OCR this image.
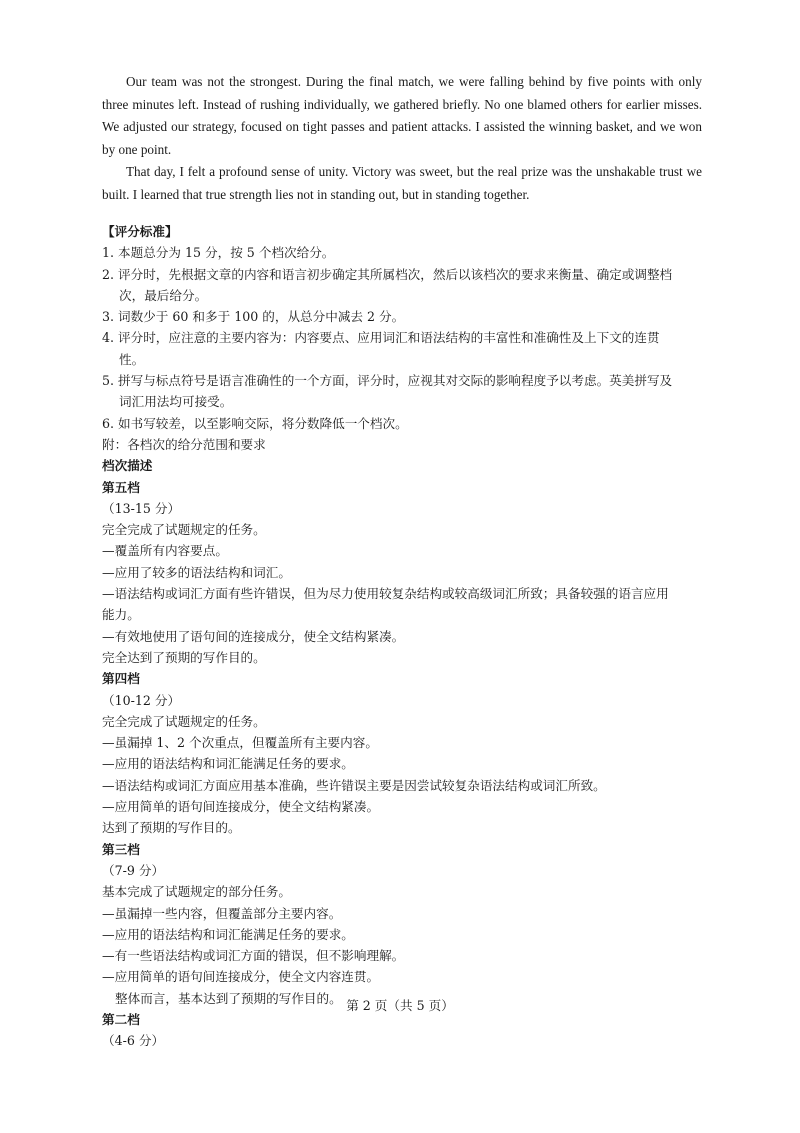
Our team was not the strongest. During the final match, we were falling behind by five points with only three minutes left. Instead of rushing individually, we gathered briefly. No one blamed others for earlier misses. We adjusted our strategy, focused on tight passes and patient attacks. I assisted the winning basket, and we won by one point.

That day, I felt a profound sense of unity. Victory was sweet, but the real prize was the unshakable trust we built. I learned that true strength lies not in standing out, but in standing together.

【评分标准】
1. 本题总分为 15 分，按 5 个档次给分。
2. 评分时，先根据文章的内容和语言初步确定其所属档次，然后以该档次的要求来衡量、确定或调整档
次，最后给分。
3. 词数少于 60 和多于 100 的，从总分中减去 2 分。
4. 评分时，应注意的主要内容为：内容要点、应用词汇和语法结构的丰富性和准确性及上下文的连贯
性。
5. 拼写与标点符号是语言准确性的一个方面，评分时，应视其对交际的影响程度予以考虑。英美拼写及
词汇用法均可接受。
6. 如书写较差，以至影响交际，将分数降低一个档次。
附：各档次的给分范围和要求
档次描述
第五档
（13-15 分）
完全完成了试题规定的任务。
—覆盖所有内容要点。
—应用了较多的语法结构和词汇。
—语法结构或词汇方面有些许错误，但为尽力使用较复杂结构或较高级词汇所致；具备较强的语言应用
能力。
—有效地使用了语句间的连接成分，使全文结构紧凑。
完全达到了预期的写作目的。
第四档
（10-12 分）
完全完成了试题规定的任务。
—虽漏掉 1、2 个次重点，但覆盖所有主要内容。
—应用的语法结构和词汇能满足任务的要求。
—语法结构或词汇方面应用基本准确，些许错误主要是因尝试较复杂语法结构或词汇所致。
—应用简单的语句间连接成分，使全文结构紧凑。
达到了预期的写作目的。
第三档
（7-9 分）
基本完成了试题规定的部分任务。
—虽漏掉一些内容，但覆盖部分主要内容。
—应用的语法结构和词汇能满足任务的要求。
—有一些语法结构或词汇方面的错误，但不影响理解。
—应用简单的语句间连接成分，使全文内容连贯。
整体而言，基本达到了预期的写作目的。
第二档
（4-6 分）
第 2 页（共 5 页）
